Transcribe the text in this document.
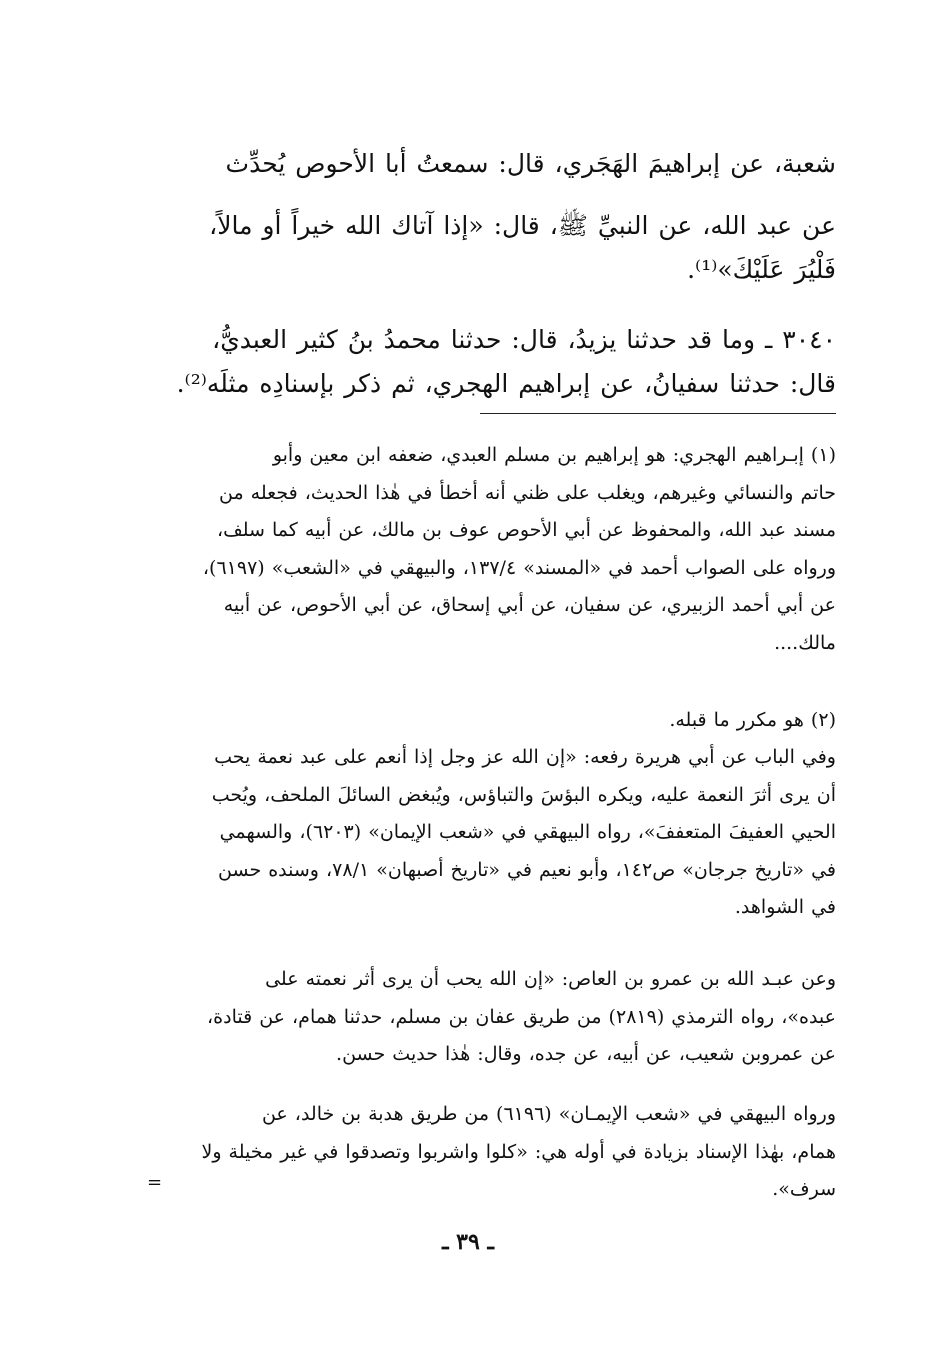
شعبة، عن إبراهيمَ الهَجَري، قال: سمعتُ أبا الأحوص يُحدِّث
عن عبد الله، عن النبيِّ ﷺ، قال: «إذا آتاك الله خيراً أو مالاً،
فَلْيُرَ عَلَيْكَ»⁽¹⁾.
٣٠٤٠ ـ وما قد حدثنا يزيدُ، قال: حدثنا محمدُ بنُ كثير العبديُّ،
قال: حدثنا سفيانُ، عن إبراهيم الهجري، ثم ذكر بإسنادِه مثلَه⁽²⁾.
(١) إبـراهيم الهجري: هو إبراهيم بن مسلم العبدي، ضعفه ابن معين وأبو
حاتم والنسائي وغيرهم، ويغلب على ظني أنه أخطأ في هٰذا الحديث، فجعله من
مسند عبد الله، والمحفوظ عن أبي الأحوص عوف بن مالك، عن أبيه كما سلف،
ورواه على الصواب أحمد في «المسند» ١٣٧/٤، والبيهقي في «الشعب» (٦١٩٧)،
عن أبي أحمد الزبيري، عن سفيان، عن أبي إسحاق، عن أبي الأحوص، عن أبيه
مالك....
(٢) هو مكرر ما قبله.
وفي الباب عن أبي هريرة رفعه: «إن الله عز وجل إذا أنعم على عبد نعمة يحب
أن يرى أثرَ النعمة عليه، ويكره البؤسَ والتباؤس، ويُبغض السائلَ الملحف، ويُحب
الحيي العفيفَ المتعففَ»، رواه البيهقي في «شعب الإيمان» (٦٢٠٣)، والسهمي
في «تاريخ جرجان» ص١٤٢، وأبو نعيم في «تاريخ أصبهان» ٧٨/١، وسنده حسن
في الشواهد.
وعن عبـد الله بن عمرو بن العاص: «إن الله يحب أن يرى أثر نعمته على
عبده»، رواه الترمذي (٢٨١٩) من طريق عفان بن مسلم، حدثنا همام، عن قتادة،
عن عمروبن شعيب، عن أبيه، عن جده، وقال: هٰذا حديث حسن.
ورواه البيهقي في «شعب الإيمـان» (٦١٩٦) من طريق هدبة بن خالد، عن
همام، بهٰذا الإسناد بزيادة في أوله هي: «كلوا واشربوا وتصدقوا في غير مخيلة ولا
سرف».
=
ـ ٣٩ ـ
